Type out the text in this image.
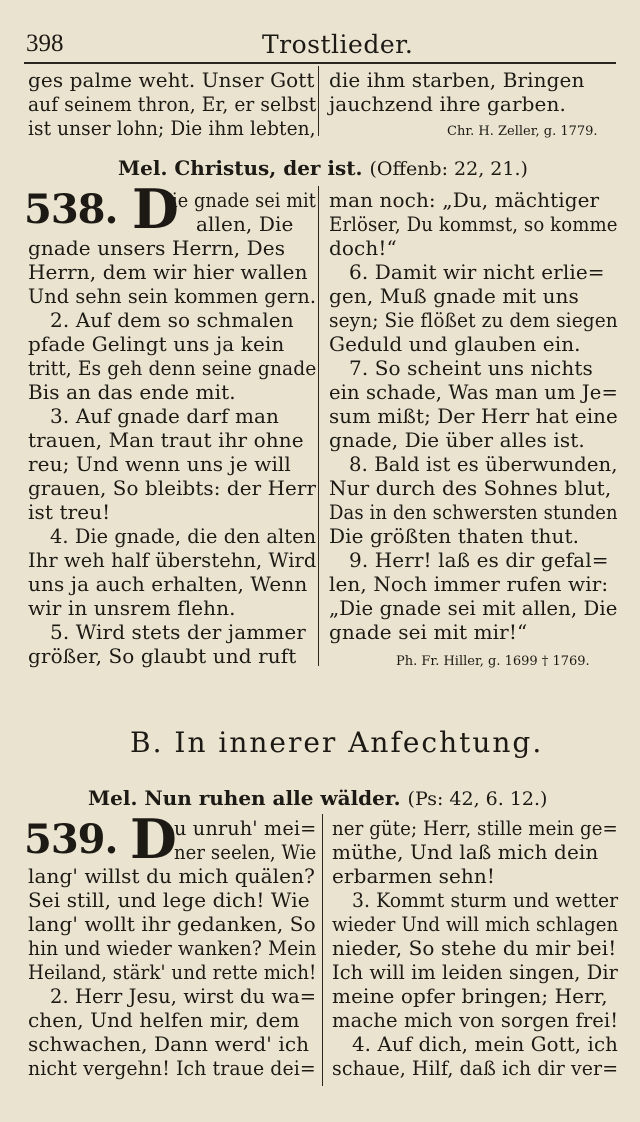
398	Trostlieder.
ges palme weht. Unser Gott
auf seinem thron, Er, er selbst
ist unser lohn; Die ihm lebten,
die ihm starben, Bringen
jauchzend ihre garben.
Chr. H. Zeller, g. 1779.
Mel. Christus, der ist. (Offenb: 22, 21.)
538. D
ie gnade sei mit
allen, Die
gnade unsers Herrn, Des
Herrn, dem wir hier wallen
Und sehn sein kommen gern.
2. Auf dem so schmalen
pfade Gelingt uns ja kein
tritt, Es geh denn seine gnade
Bis an das ende mit.
3. Auf gnade darf man
trauen, Man traut ihr ohne
reu; Und wenn uns je will
grauen, So bleibts: der Herr
ist treu!
4. Die gnade, die den alten
Ihr weh half überstehn, Wird
uns ja auch erhalten, Wenn
wir in unsrem flehn.
5. Wird stets der jammer
größer, So glaubt und ruft
man noch: „Du, mächtiger
Erlöser, Du kommst, so komme
doch!“
6. Damit wir nicht erlie=
gen, Muß gnade mit uns
seyn; Sie flößet zu dem siegen
Geduld und glauben ein.
7. So scheint uns nichts
ein schade, Was man um Je=
sum mißt; Der Herr hat eine
gnade, Die über alles ist.
8. Bald ist es überwunden,
Nur durch des Sohnes blut,
Das in den schwersten stunden
Die größten thaten thut.
9. Herr! laß es dir gefal=
len, Noch immer rufen wir:
„Die gnade sei mit allen, Die
gnade sei mit mir!“
Ph. Fr. Hiller, g. 1699 † 1769.
B. In innerer Anfechtung.
Mel. Nun ruhen alle wälder. (Ps: 42, 6. 12.)
539. D
u unruh' mei=
ner seelen, Wie
lang' willst du mich quälen?
Sei still, und lege dich! Wie
lang' wollt ihr gedanken, So
hin und wieder wanken? Mein
Heiland, stärk' und rette mich!
2. Herr Jesu, wirst du wa=
chen, Und helfen mir, dem
schwachen, Dann werd' ich
nicht vergehn! Ich traue dei=
ner güte; Herr, stille mein ge=
müthe, Und laß mich dein
erbarmen sehn!
3. Kommt sturm und wetter
wieder Und will mich schlagen
nieder, So stehe du mir bei!
Ich will im leiden singen, Dir
meine opfer bringen; Herr,
mache mich von sorgen frei!
4. Auf dich, mein Gott, ich
schaue, Hilf, daß ich dir ver=
